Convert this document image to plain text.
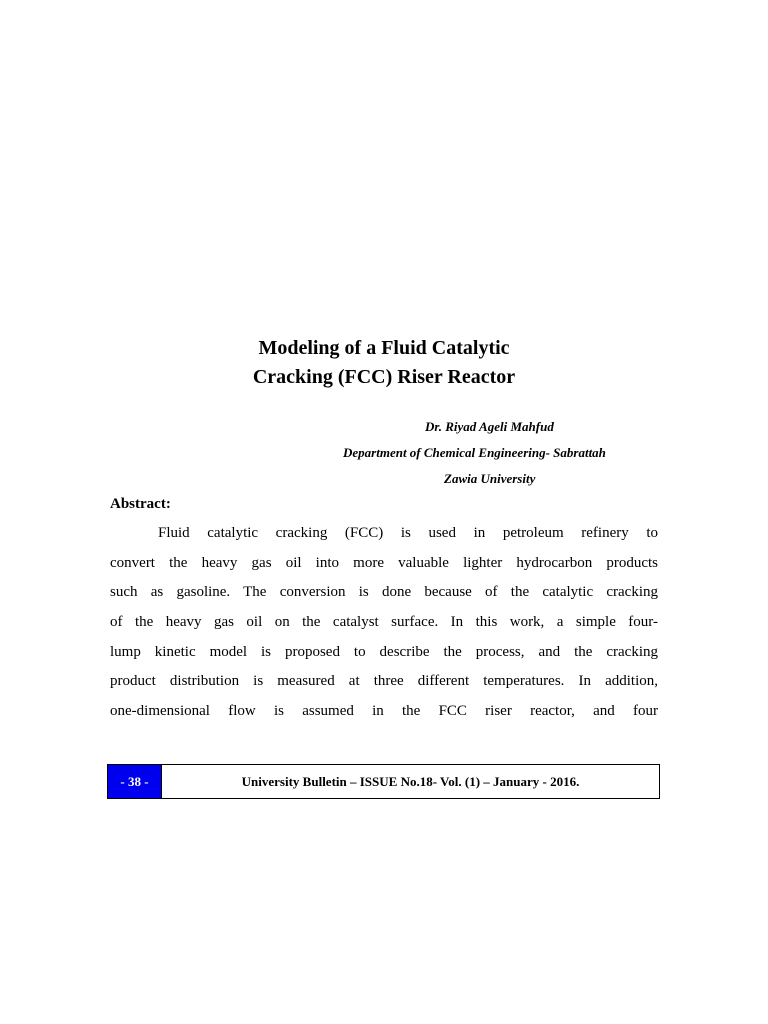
Modeling of a Fluid Catalytic
Cracking (FCC) Riser Reactor
Dr. Riyad Ageli Mahfud
Department of Chemical Engineering- Sabrattah
Zawia University
Abstract:
Fluid catalytic cracking (FCC) is used in petroleum refinery to
convert the heavy gas oil into more valuable lighter hydrocarbon products
such as gasoline. The conversion is done because of the catalytic cracking
of the heavy gas oil on the catalyst surface. In this work, a simple four-
lump kinetic model is proposed to describe the process, and the cracking
product distribution is measured at three different temperatures. In addition,
one-dimensional flow is assumed in the FCC riser reactor, and four
- 38 -	University Bulletin – ISSUE No.18- Vol. (1) – January - 2016.
